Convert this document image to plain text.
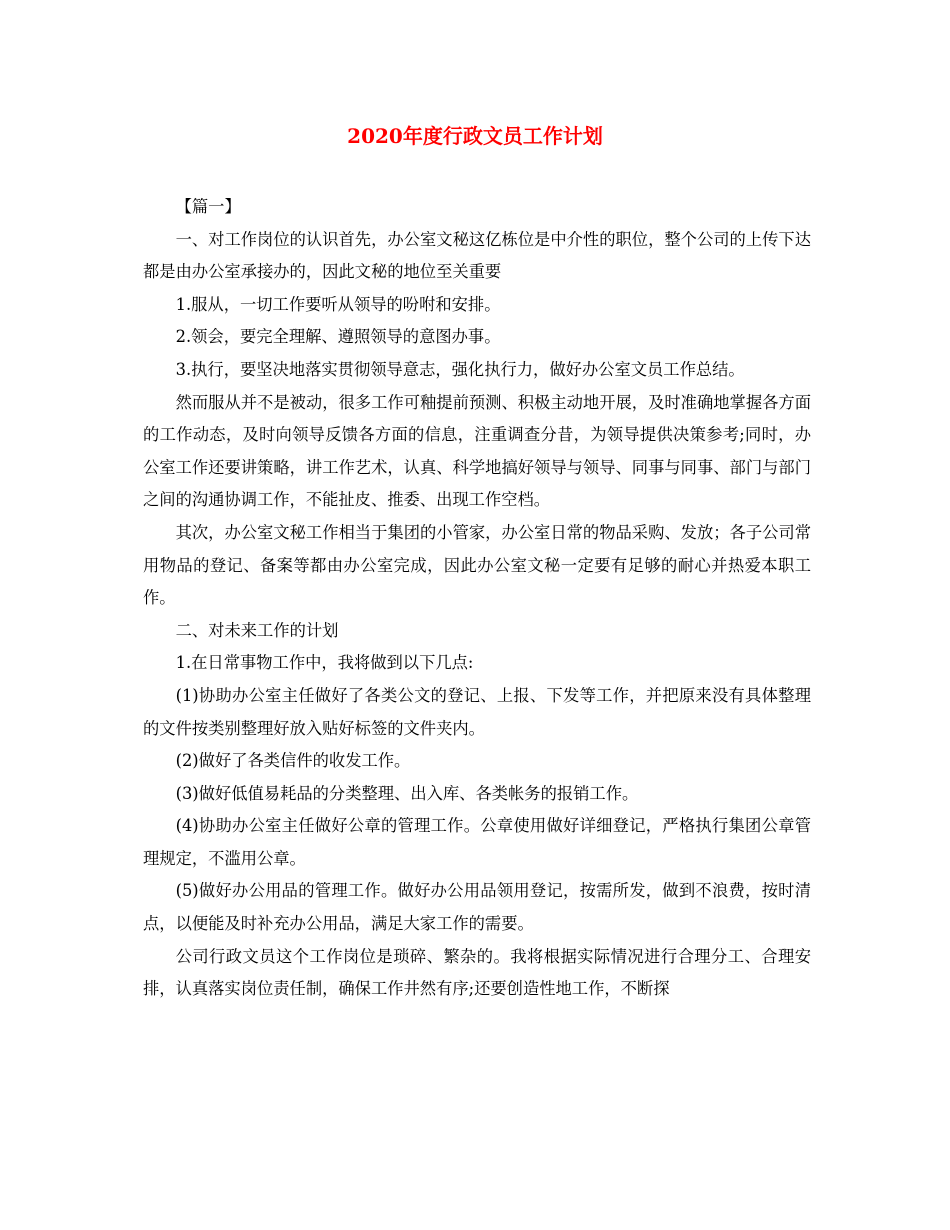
2020年度行政文员工作计划

【篇一】

一、对工作岗位的认识首先，办公室文秘这亿栋位是中介性的职位，整个公司的上传下达都是由办公室承接办的，因此文秘的地位至关重要

1.服从，一切工作要听从领导的吩咐和安排。

2.领会，要完全理解、遵照领导的意图办事。

3.执行，要坚决地落实贯彻领导意志，强化执行力，做好办公室文员工作总结。

然而服从并不是被动，很多工作可釉提前预测、积极主动地开展，及时准确地掌握各方面的工作动态，及时向领导反馈各方面的信息，注重调查分昔，为领导提供决策参考;同时，办公室工作还要讲策略，讲工作艺术，认真、科学地搞好领导与领导、同事与同事、部门与部门之间的沟通协调工作，不能扯皮、推委、出现工作空档。

其次，办公室文秘工作相当于集团的小管家，办公室日常的物品采购、发放；各子公司常用物品的登记、备案等都由办公室完成，因此办公室文秘一定要有足够的耐心并热爱本职工作。

二、对未来工作的计划

1.在日常事物工作中，我将做到以下几点:

(1)协助办公室主任做好了各类公文的登记、上报、下发等工作，并把原来没有具体整理的文件按类别整理好放入贴好标签的文件夹内。

(2)做好了各类信件的收发工作。

(3)做好低值易耗品的分类整理、出入库、各类帐务的报销工作。

(4)协助办公室主任做好公章的管理工作。公章使用做好详细登记，严格执行集团公章管理规定，不滥用公章。

(5)做好办公用品的管理工作。做好办公用品领用登记，按需所发，做到不浪费，按时清点，以便能及时补充办公用品，满足大家工作的需要。

公司行政文员这个工作岗位是琐碎、繁杂的。我将根据实际情况进行合理分工、合理安排，认真落实岗位责任制，确保工作井然有序;还要创造性地工作，不断探
